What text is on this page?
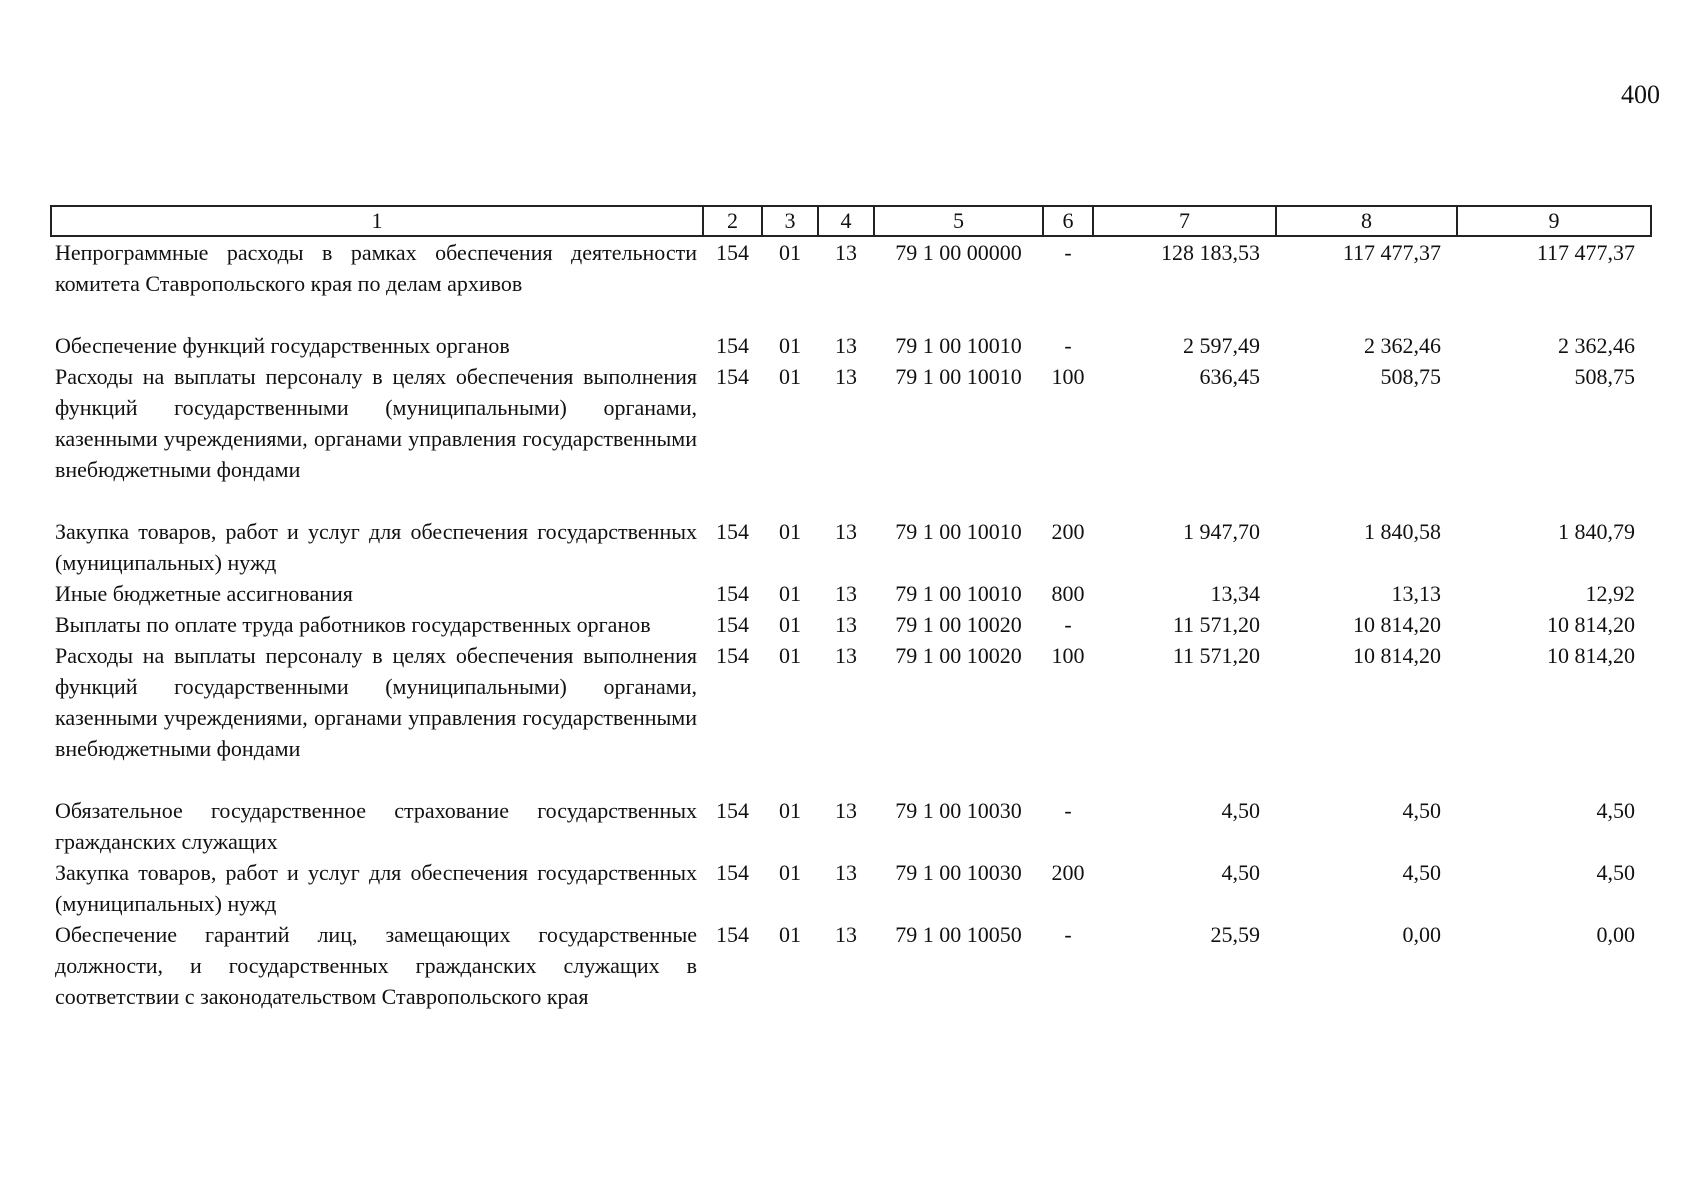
400
1	2	3	4	5	6	7	8	9
Непрограммные расходы в рамках обеспечения деятельности комитета Ставропольского края по делам архивов	154	01	13	79 1 00 00000	-	128 183,53	117 477,37	117 477,37
Обеспечение функций государственных органов	154	01	13	79 1 00 10010	-	2 597,49	2 362,46	2 362,46
Расходы на выплаты персоналу в целях обеспечения выполнения функций государственными (муниципальными) органами, казенными учреждениями, органами управления государственными внебюджетными фондами	154	01	13	79 1 00 10010	100	636,45	508,75	508,75
Закупка товаров, работ и услуг для обеспечения государственных (муниципальных) нужд	154	01	13	79 1 00 10010	200	1 947,70	1 840,58	1 840,79
Иные бюджетные ассигнования	154	01	13	79 1 00 10010	800	13,34	13,13	12,92
Выплаты по оплате труда работников государственных органов	154	01	13	79 1 00 10020	-	11 571,20	10 814,20	10 814,20
Расходы на выплаты персоналу в целях обеспечения выполнения функций государственными (муниципальными) органами, казенными учреждениями, органами управления государственными внебюджетными фондами	154	01	13	79 1 00 10020	100	11 571,20	10 814,20	10 814,20
Обязательное государственное страхование государственных гражданских служащих	154	01	13	79 1 00 10030	-	4,50	4,50	4,50
Закупка товаров, работ и услуг для обеспечения государственных (муниципальных) нужд	154	01	13	79 1 00 10030	200	4,50	4,50	4,50
Обеспечение гарантий лиц, замещающих государственные должности, и государственных гражданских служащих в соответствии с законодательством Ставропольского края	154	01	13	79 1 00 10050	-	25,59	0,00	0,00
